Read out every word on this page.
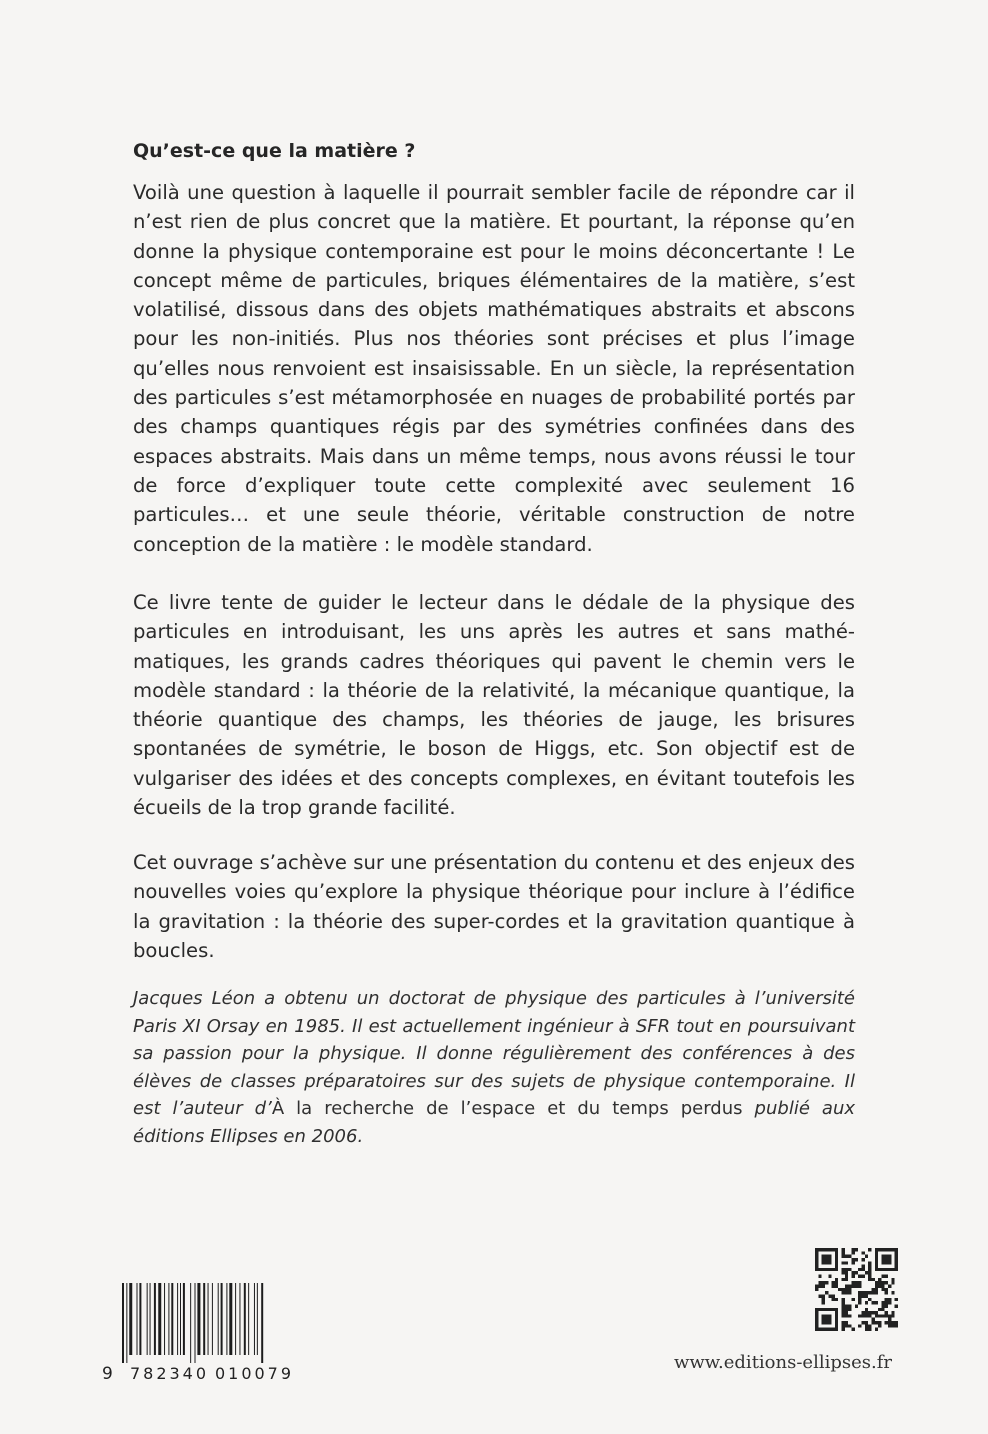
Qu’est-ce que la matière ?

Voilà une question à laquelle il pourrait sembler facile de répondre car il n’est rien de plus concret que la matière. Et pourtant, la réponse qu’en donne la physique contemporaine est pour le moins déconcertante ! Le concept même de particules, briques élémentaires de la matière, s’est volatilisé, dissous dans des objets mathématiques abstraits et abscons pour les non-initiés. Plus nos théories sont précises et plus l’image qu’elles nous renvoient est insaisissable. En un siècle, la représentation des particules s’est métamorphosée en nuages de probabilité portés par des champs quantiques régis par des symétries confinées dans des espaces abstraits. Mais dans un même temps, nous avons réussi le tour de force d’expliquer toute cette complexité avec seulement 16 particules… et une seule théorie, véritable construction de notre conception de la matière : le modèle standard.

Ce livre tente de guider le lecteur dans le dédale de la physique des particules en introduisant, les uns après les autres et sans mathématiques, les grands cadres théoriques qui pavent le chemin vers le modèle standard : la théorie de la relativité, la mécanique quantique, la théorie quantique des champs, les théories de jauge, les brisures spontanées de symétrie, le boson de Higgs, etc. Son objectif est de vulgariser des idées et des concepts complexes, en évitant toutefois les écueils de la trop grande facilité.

Cet ouvrage s’achève sur une présentation du contenu et des enjeux des nouvelles voies qu’explore la physique théorique pour inclure à l’édifice la gravitation : la théorie des super-cordes et la gravitation quantique à boucles.

Jacques Léon a obtenu un doctorat de physique des particules à l’université Paris XI Orsay en 1985. Il est actuellement ingénieur à SFR tout en poursuivant sa passion pour la physique. Il donne régulièrement des conférences à des élèves de classes préparatoires sur des sujets de physique contemporaine. Il est l’auteur d’À la recherche de l’espace et du temps perdus publié aux éditions Ellipses en 2006.

9 782340 010079
www.editions-ellipses.fr
